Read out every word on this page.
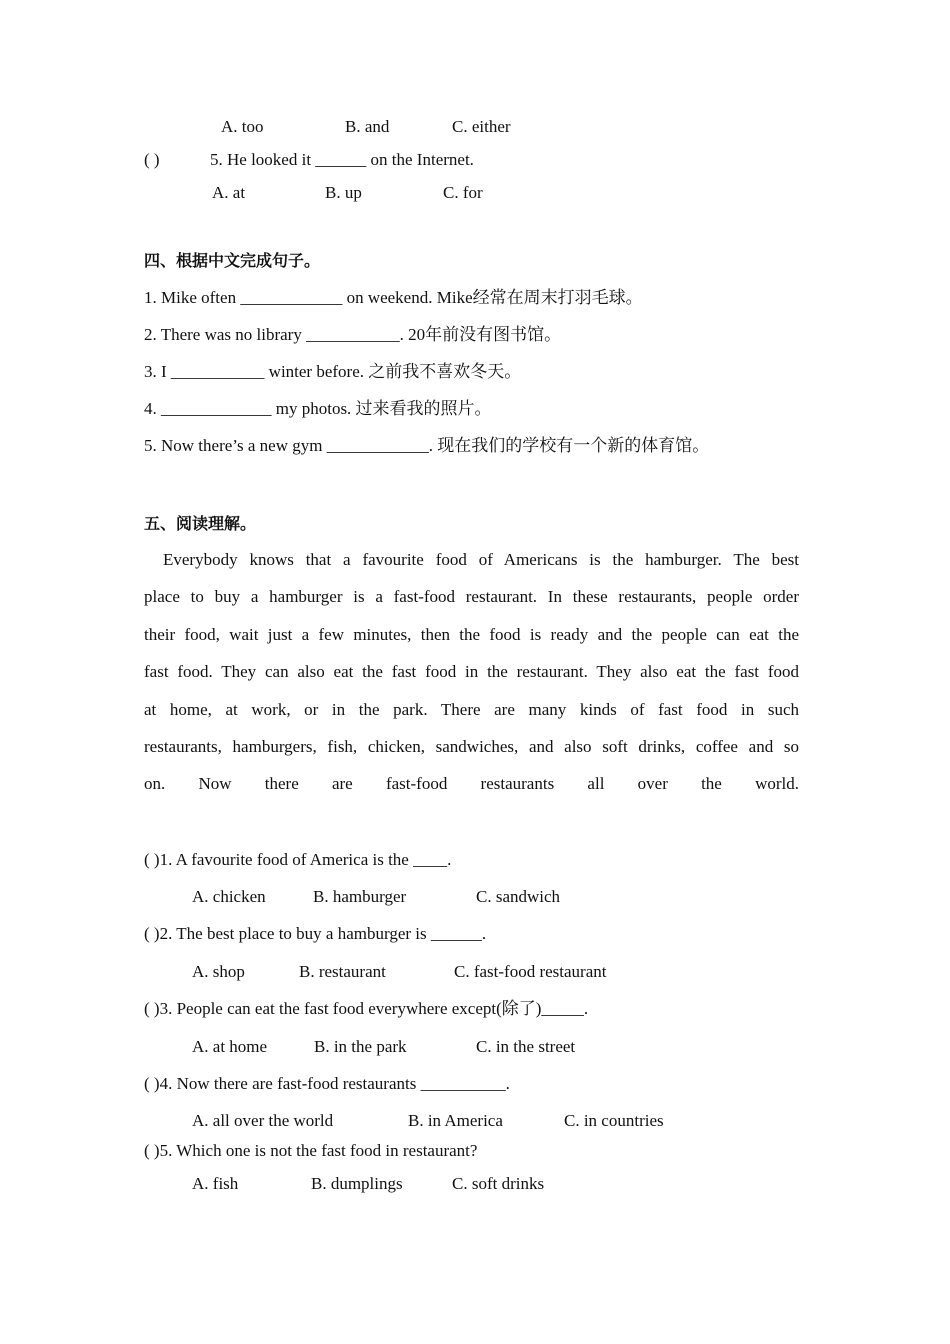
A. too	B. and	C. either
( )	5. He looked it ______ on the Internet.
A. at	B. up	C. for
四、根据中文完成句子。
1. Mike often ____________ on weekend. Mike经常在周末打羽毛球。
2. There was no library ___________. 20年前没有图书馆。
3. I ___________ winter before. 之前我不喜欢冬天。
4. _____________ my photos. 过来看我的照片。
5. Now there’s a new gym ____________. 现在我们的学校有一个新的体育馆。
五、阅读理解。

Everybody knows that a favourite food of Americans is the hamburger. The best place to buy a hamburger is a fast-food restaurant. In these restaurants, people order their food, wait just a few minutes, then the food is ready and the people can eat the fast food. They can also eat the fast food in the restaurant. They also eat the fast food at home, at work, or in the park. There are many kinds of fast food in such restaurants, hamburgers, fish, chicken, sandwiches, and also soft drinks, coffee and so on. Now there are fast-food restaurants all over the world.

( )1. A favourite food of America is the ____.
A. chicken	B. hamburger	C. sandwich
( )2. The best place to buy a hamburger is ______.
A. shop	B. restaurant	C. fast-food restaurant
( )3. People can eat the fast food everywhere except(除了)_____.
A. at home	B. in the park	C. in the street
( )4. Now there are fast-food restaurants __________.
A. all over the world	B. in America	C. in countries
( )5. Which one is not the fast food in restaurant?
A. fish	B. dumplings	C. soft drinks
